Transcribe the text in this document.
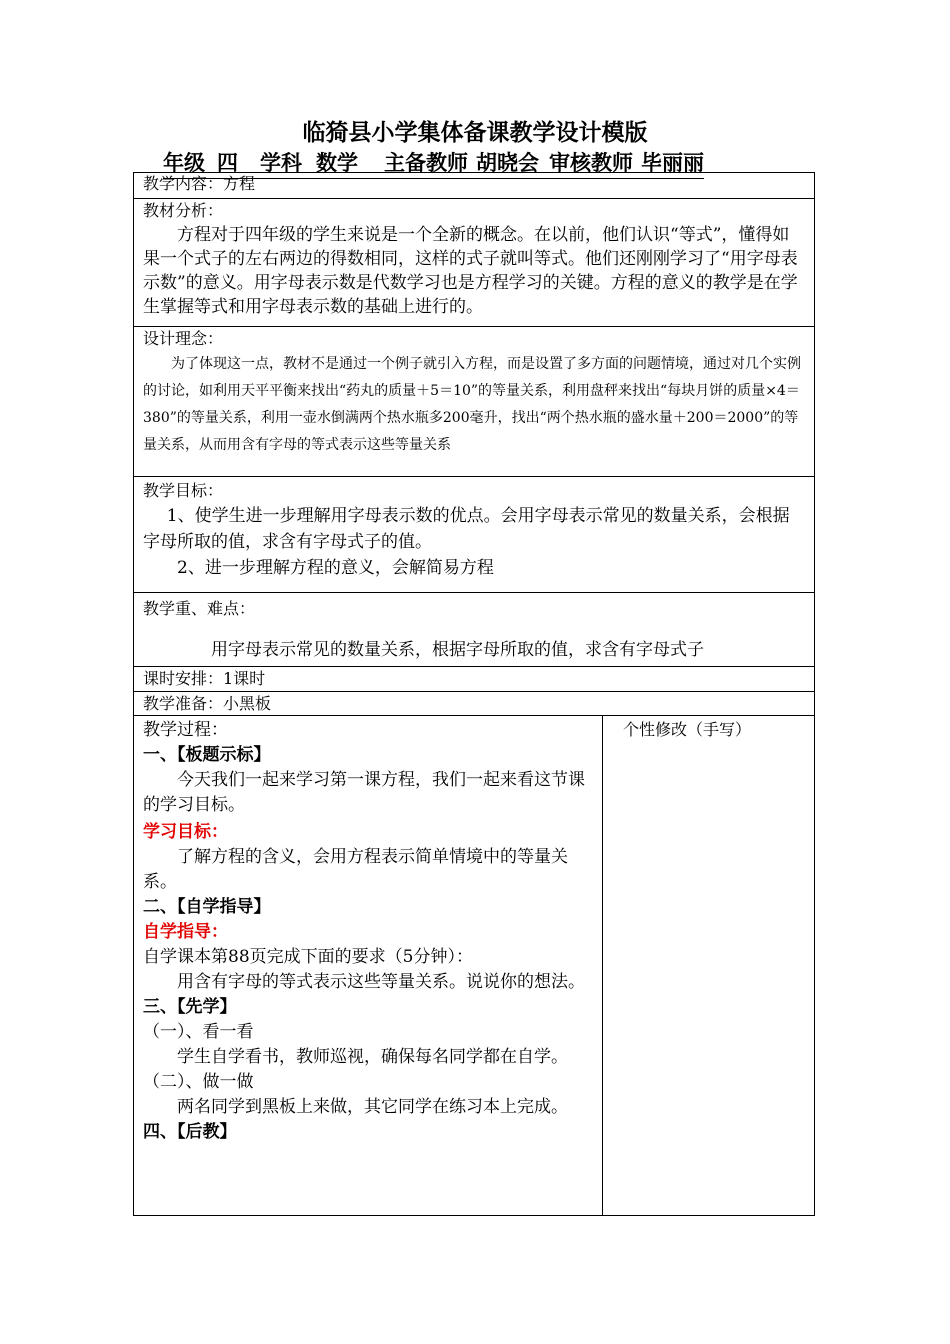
临猗县小学集体备课教学设计模版
年级 四 学科 数学 主备教师 胡晓会 审核教师 毕丽丽
教学内容：方程
教材分析：

方程对于四年级的学生来说是一个全新的概念。在以前，他们认识“等式”，懂得如果一个式子的左右两边的得数相同，这样的式子就叫等式。他们还刚刚学习了“用字母表示数”的意义。用字母表示数是代数学习也是方程学习的关键。方程的意义的教学是在学生掌握等式和用字母表示数的基础上进行的。

设计理念：

为了体现这一点，教材不是通过一个例子就引入方程，而是设置了多方面的问题情境，通过对几个实例的讨论，如利用天平平衡来找出“药丸的质量＋5＝10”的等量关系，利用盘秤来找出“每块月饼的质量×4＝380”的等量关系，利用一壶水倒满两个热水瓶多200毫升，找出“两个热水瓶的盛水量＋200＝2000”的等量关系，从而用含有字母的等式表示这些等量关系

教学目标：

1、使学生进一步理解用字母表示数的优点。会用字母表示常见的数量关系，会根据字母所取的值，求含有字母式子的值。

2、进一步理解方程的意义，会解简易方程

教学重、难点：

用字母表示常见的数量关系，根据字母所取的值，求含有字母式子

课时安排：1课时
教学准备：小黑板
教学过程：
一、【板题示标】

今天我们一起来学习第一课方程，我们一起来看这节课的学习目标。

学习目标：

了解方程的含义，会用方程表示简单情境中的等量关系。

二、【自学指导】
自学指导：

自学课本第88页完成下面的要求（5分钟）：

用含有字母的等式表示这些等量关系。说说你的想法。

三、【先学】

（一）、看一看

学生自学看书，教师巡视，确保每名同学都在自学。

（二）、做一做

两名同学到黑板上来做，其它同学在练习本上完成。

四、【后教】
个性修改（手写）
